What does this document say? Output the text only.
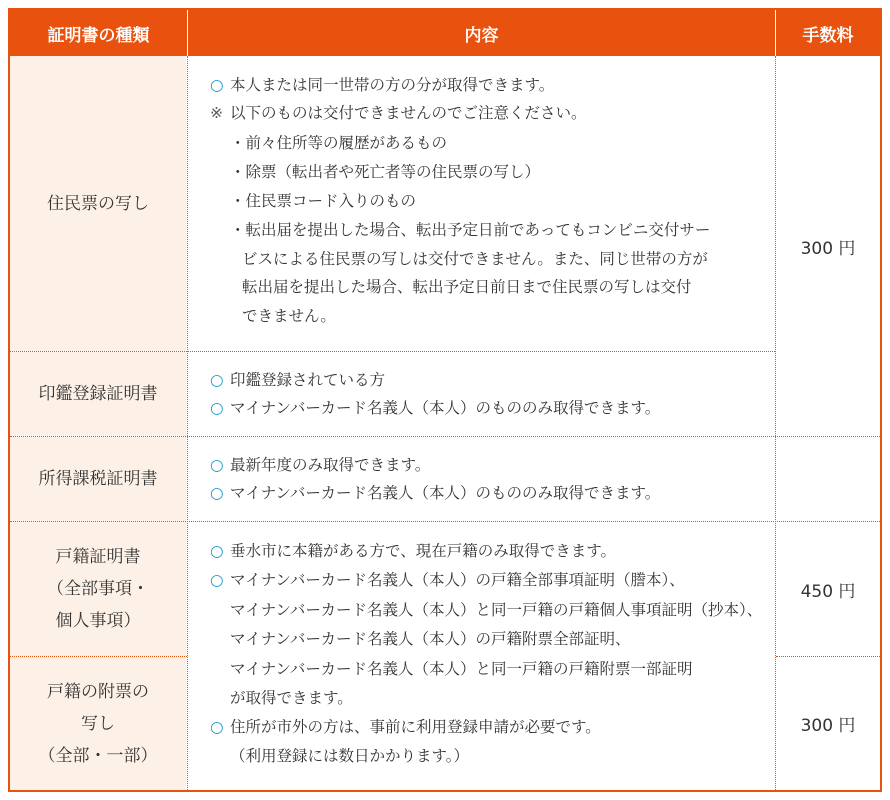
証明書の種類	内容	手数料
住民票の写し
印鑑登録証明書
所得課税証明書
戸籍証明書
（全部事項・
個人事項）
戸籍の附票の
写し
（全部・一部）
○ 本人または同一世帯の方の分が取得できます。
※ 以下のものは交付できませんのでご注意ください。
・前々住所等の履歴があるもの
・除票（転出者や死亡者等の住民票の写し）
・住民票コード入りのもの
・転出届を提出した場合、転出予定日前であってもコンビニ交付サー
ビスによる住民票の写しは交付できません。また、同じ世帯の方が
転出届を提出した場合、転出予定日前日まで住民票の写しは交付
できません。
○ 印鑑登録されている方
○ マイナンバーカード名義人（本人）のもののみ取得できます。
○ 最新年度のみ取得できます。
○ マイナンバーカード名義人（本人）のもののみ取得できます。
○ 垂水市に本籍がある方で、現在戸籍のみ取得できます。
○ マイナンバーカード名義人（本人）の戸籍全部事項証明（謄本）、
マイナンバーカード名義人（本人）と同一戸籍の戸籍個人事項証明（抄本）、
マイナンバーカード名義人（本人）の戸籍附票全部証明、
マイナンバーカード名義人（本人）と同一戸籍の戸籍附票一部証明
が取得できます。
○ 住所が市外の方は、事前に利用登録申請が必要です。
（利用登録には数日かかります。）
300 円
450 円
300 円
